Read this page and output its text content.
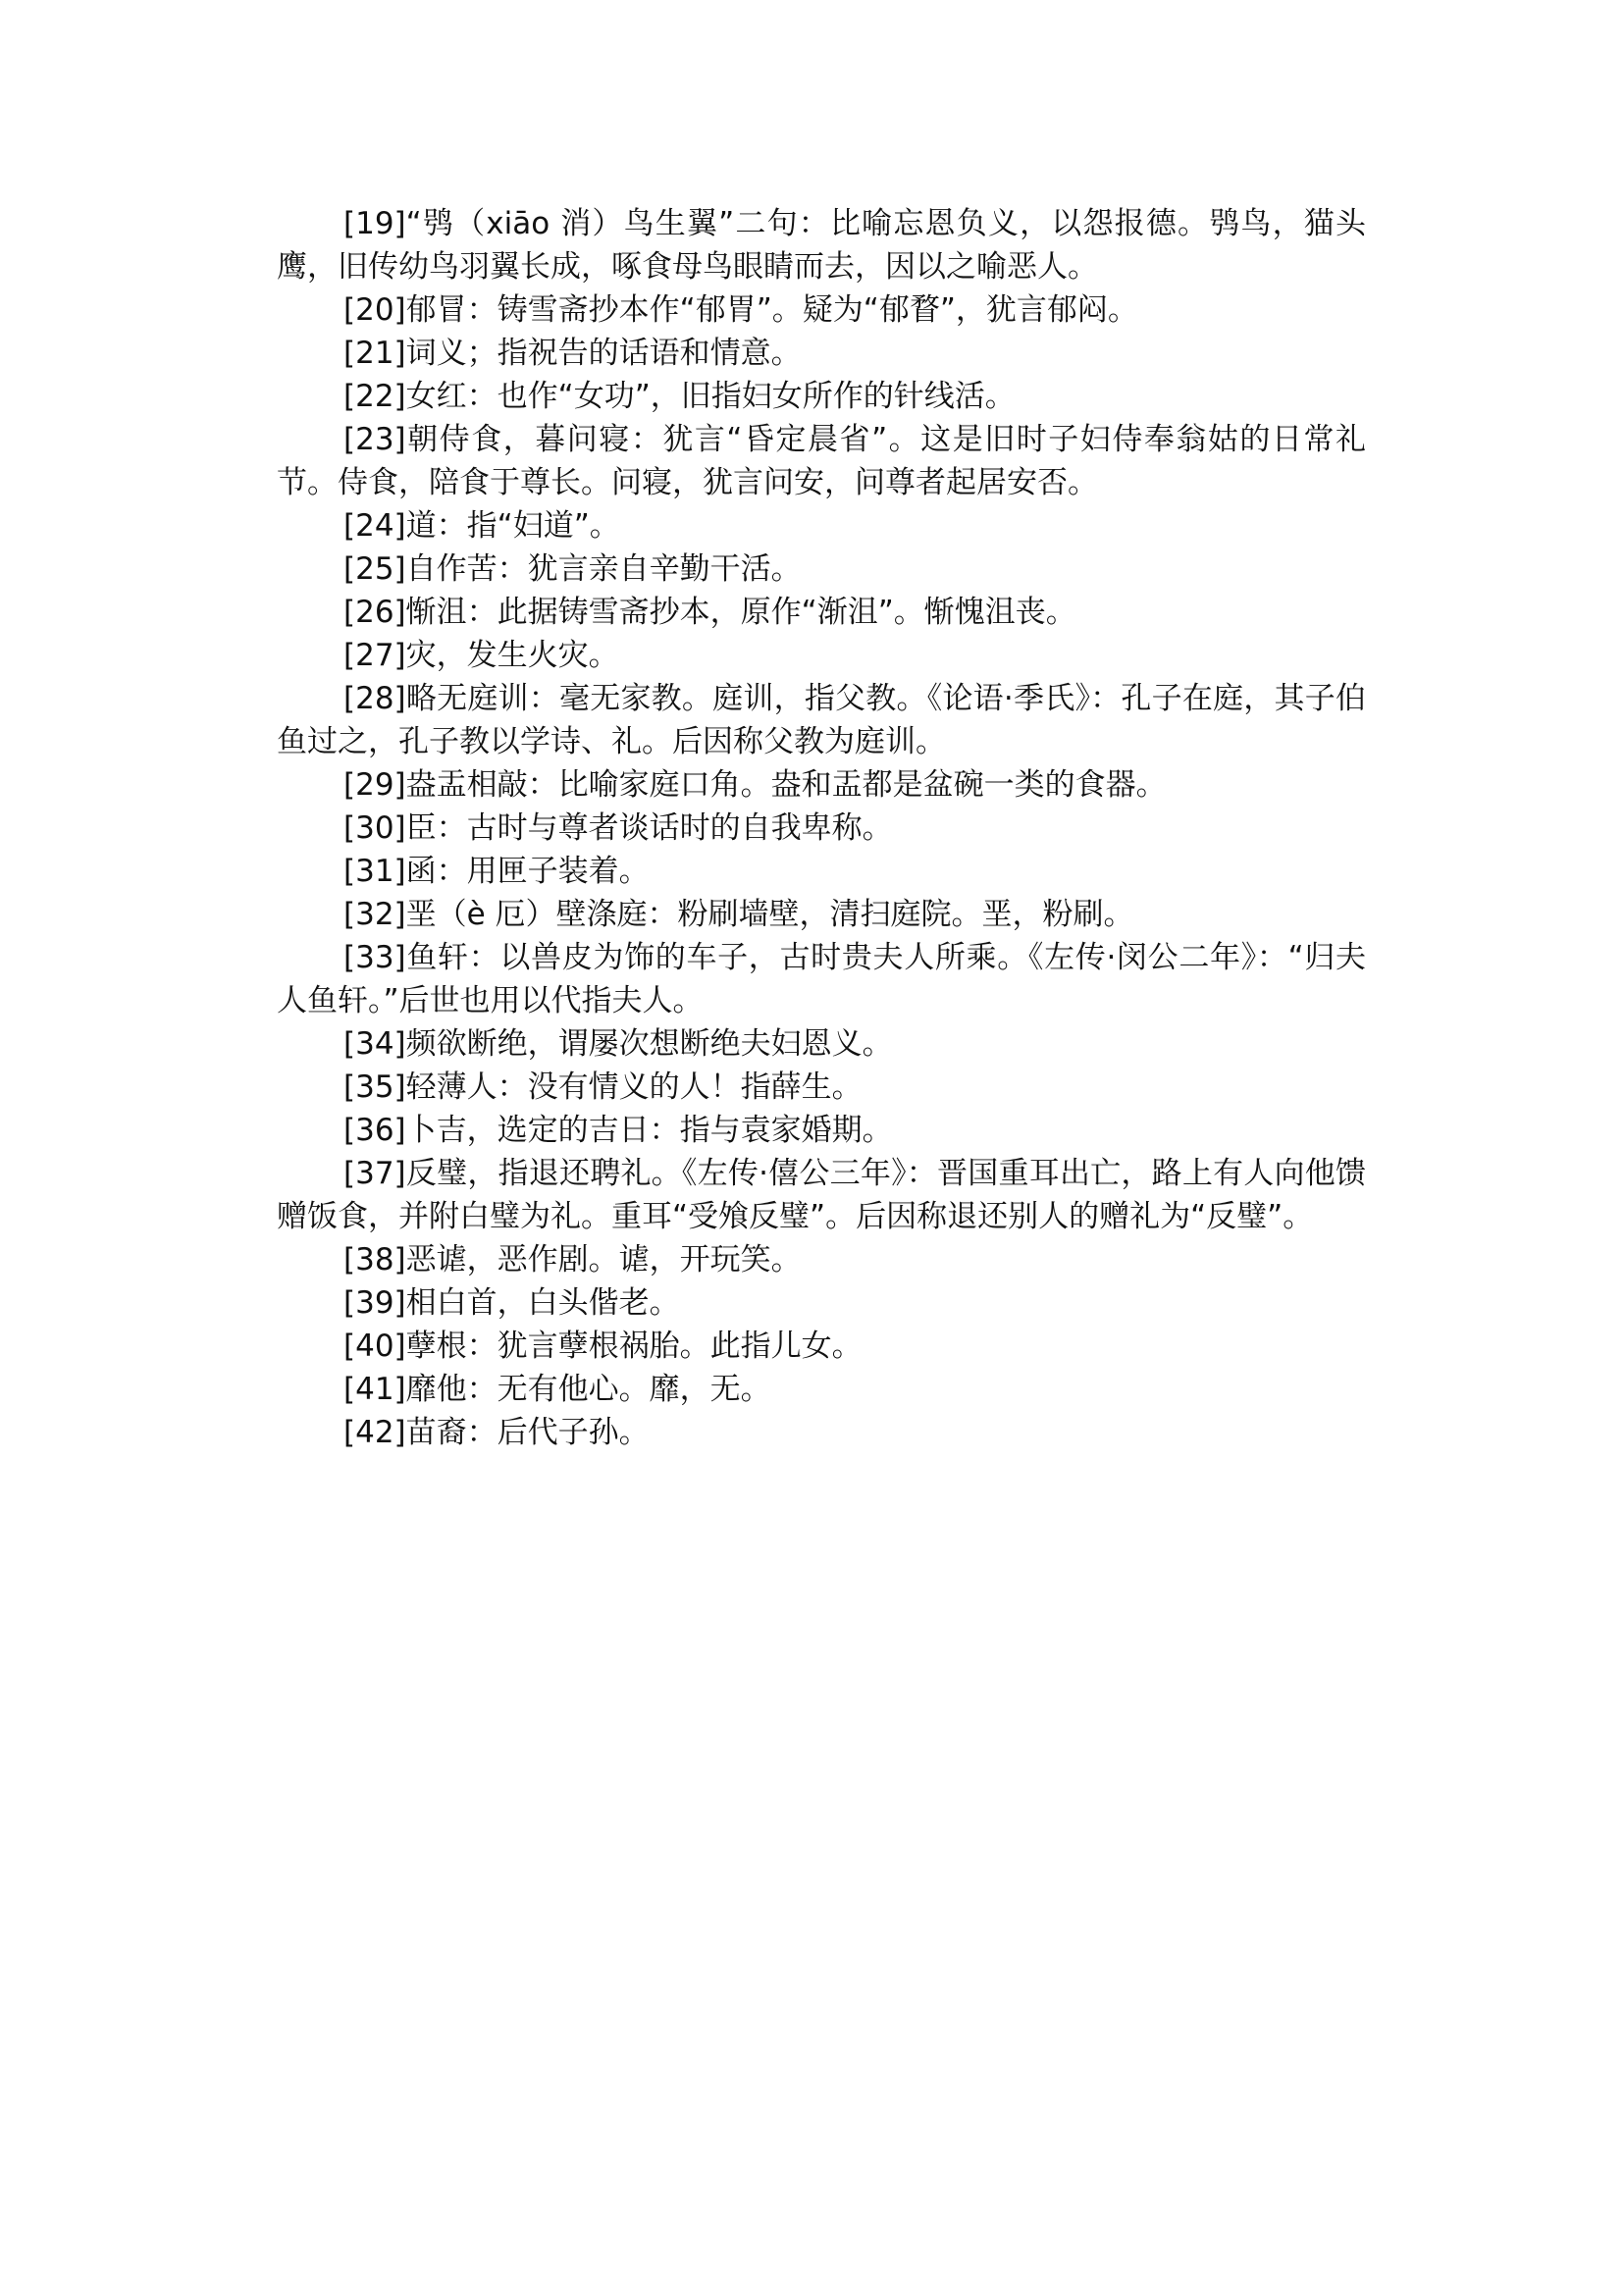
[19]“鸮（xiāo 消）鸟生翼”二句：比喻忘恩负义，以怨报德。鸮鸟，猫头鹰，旧传幼鸟羽翼长成，啄食母鸟眼睛而去，因以之喻恶人。
[20]郁冒：铸雪斋抄本作“郁胃”。疑为“郁瞀”，犹言郁闷。
[21]词义；指祝告的话语和情意。
[22]女红：也作“女功”，旧指妇女所作的针线活。
[23]朝侍食，暮问寝：犹言“昏定晨省”。这是旧时子妇侍奉翁姑的日常礼节。侍食，陪食于尊长。问寝，犹言问安，问尊者起居安否。
[24]道：指“妇道”。
[25]自作苦：犹言亲自辛勤干活。
[26]惭沮：此据铸雪斋抄本，原作“渐沮”。惭愧沮丧。
[27]灾，发生火灾。
[28]略无庭训：毫无家教。庭训，指父教。《论语·季氏》：孔子在庭，其子伯鱼过之，孔子教以学诗、礼。后因称父教为庭训。
[29]盎盂相敲：比喻家庭口角。盎和盂都是盆碗一类的食器。
[30]臣：古时与尊者谈话时的自我卑称。
[31]函：用匣子装着。
[32]垩（è 厄）壁涤庭：粉刷墙壁，清扫庭院。垩，粉刷。
[33]鱼轩：以兽皮为饰的车子，古时贵夫人所乘。《左传·闵公二年》：“归夫人鱼轩。”后世也用以代指夫人。
[34]频欲断绝，谓屡次想断绝夫妇恩义。
[35]轻薄人：没有情义的人！指薛生。
[36]卜吉，选定的吉日：指与袁家婚期。
[37]反璧，指退还聘礼。《左传·僖公三年》：晋国重耳出亡，路上有人向他馈赠饭食，并附白璧为礼。重耳“受飧反璧”。后因称退还别人的赠礼为“反璧”。
[38]恶谑，恶作剧。谑，开玩笑。
[39]相白首，白头偕老。
[40]孽根：犹言孽根祸胎。此指儿女。
[41]靡他：无有他心。靡，无。
[42]苗裔：后代子孙。
